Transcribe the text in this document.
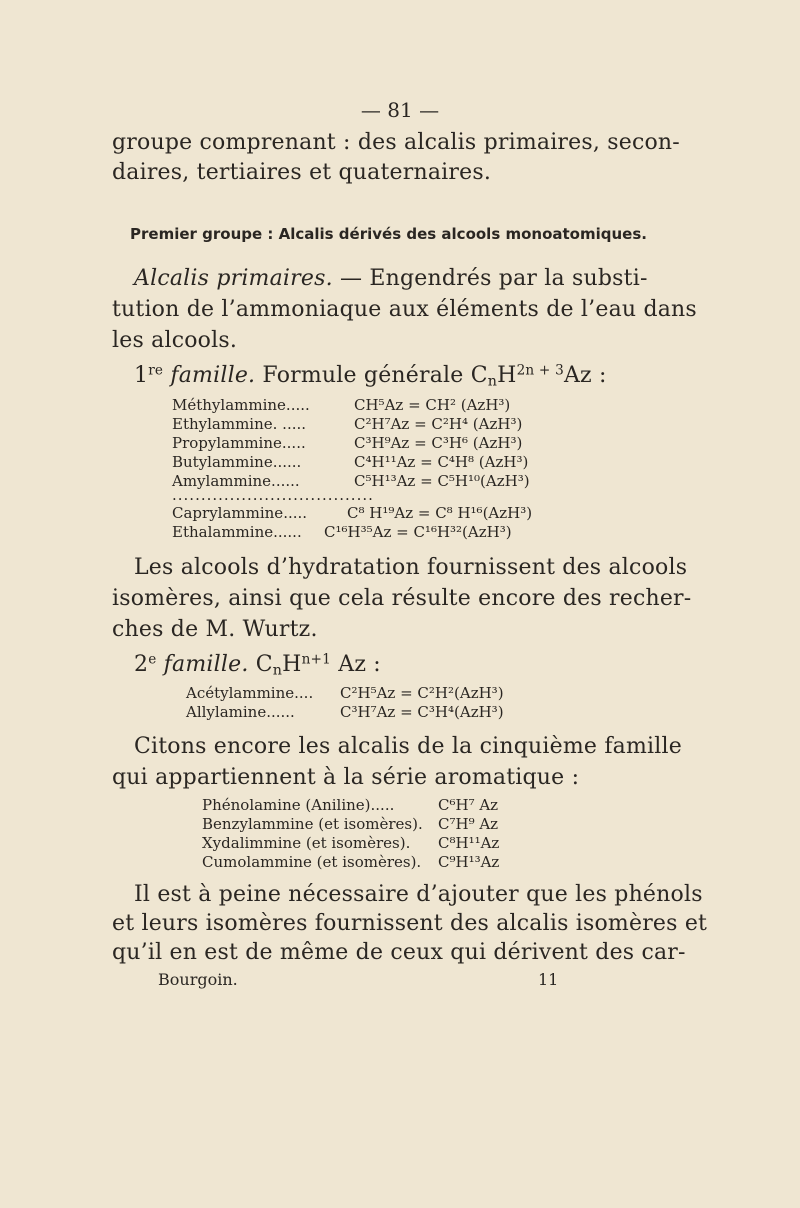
— 81 —
groupe comprenant : des alcalis primaires, secon-
daires, tertiaires et quaternaires.
Premier groupe : Alcalis dérivés des alcools monoatomiques.
Alcalis primaires. — Engendrés par la substi-
tution de l’ammoniaque aux éléments de l’eau dans
les alcools.
1re famille. Formule générale $C_nH^{2n + 3}Az$ :
Méthylammine.....	CH⁵Az = CH² (AzH³)
Ethylammine. .....	C²H⁷Az = C²H⁴ (AzH³)
Propylammine.....	C³H⁹Az = C³H⁶ (AzH³)
Butylammine......	C⁴H¹¹Az = C⁴H⁸ (AzH³)
Amylammine......	C⁵H¹³Az = C⁵H¹⁰(AzH³)
...................................
Caprylammine.....	C⁸ H¹⁹Az = C⁸ H¹⁶(AzH³)
Ethalammine...... C¹⁶H³⁵Az = C¹⁶H³²(AzH³)
Les alcools d’hydratation fournissent des alcools
isomères, ainsi que cela résulte encore des recher-
ches de M. Wurtz.
2e famille. $C_nH^{n+1}$ Az :
Acétylammine.... C²H⁵Az = C²H²(AzH³)
Allylamine......	C³H⁷Az = C³H⁴(AzH³)
Citons encore les alcalis de la cinquième famille
qui appartiennent à la série aromatique :
Phénolamine (Aniline).....	C⁶H⁷ Az
Benzylammine (et isomères). C⁷H⁹ Az
Xydalimmine (et isomères). C⁸H¹¹Az
Cumolammine (et isomères). C⁹H¹³Az
Il est à peine nécessaire d’ajouter que les phénols
et leurs isomères fournissent des alcalis isomères et
qu’il en est de même de ceux qui dérivent des car-
Bourgoin.	11
